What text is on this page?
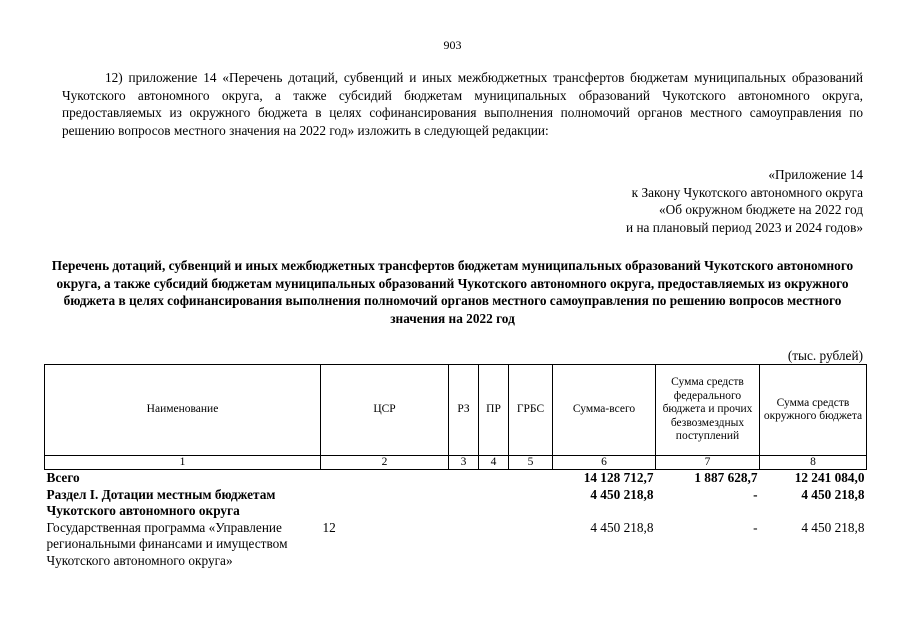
903

12) приложение 14 «Перечень дотаций, субвенций и иных межбюджетных трансфертов бюджетам муниципальных образований Чукотского автономного округа, а также субсидий бюджетам муниципальных образований Чукотского автономного округа, предоставляемых из окружного бюджета в целях софинансирования выполнения полномочий органов местного самоуправления по решению вопросов местного значения на 2022 год» изложить в следующей редакции:

«Приложение 14
к Закону Чукотского автономного округа
«Об окружном бюджете на 2022 год
и на плановый период 2023 и 2024 годов»

Перечень дотаций, субвенций и иных межбюджетных трансфертов бюджетам муниципальных образований Чукотского автономного округа, а также субсидий бюджетам муниципальных образований Чукотского автономного округа, предоставляемых из окружного бюджета в целях софинансирования выполнения полномочий органов местного самоуправления по решению вопросов местного значения на 2022 год

(тыс. рублей)
Наименование	ЦСР	РЗ	ПР	ГРБС	Сумма-всего	Сумма средств федерального бюджета и прочих безвозмездных поступлений	Сумма средств окружного бюджета
1	2	3	4	5	6	7	8
Всего					14 128 712,7	1 887 628,7	12 241 084,0
Раздел I. Дотации местным бюджетам Чукотского автономного округа					4 450 218,8	-	4 450 218,8
Государственная программа «Управление региональными финансами и имуществом Чукотского автономного округа»	12				4 450 218,8	-	4 450 218,8
